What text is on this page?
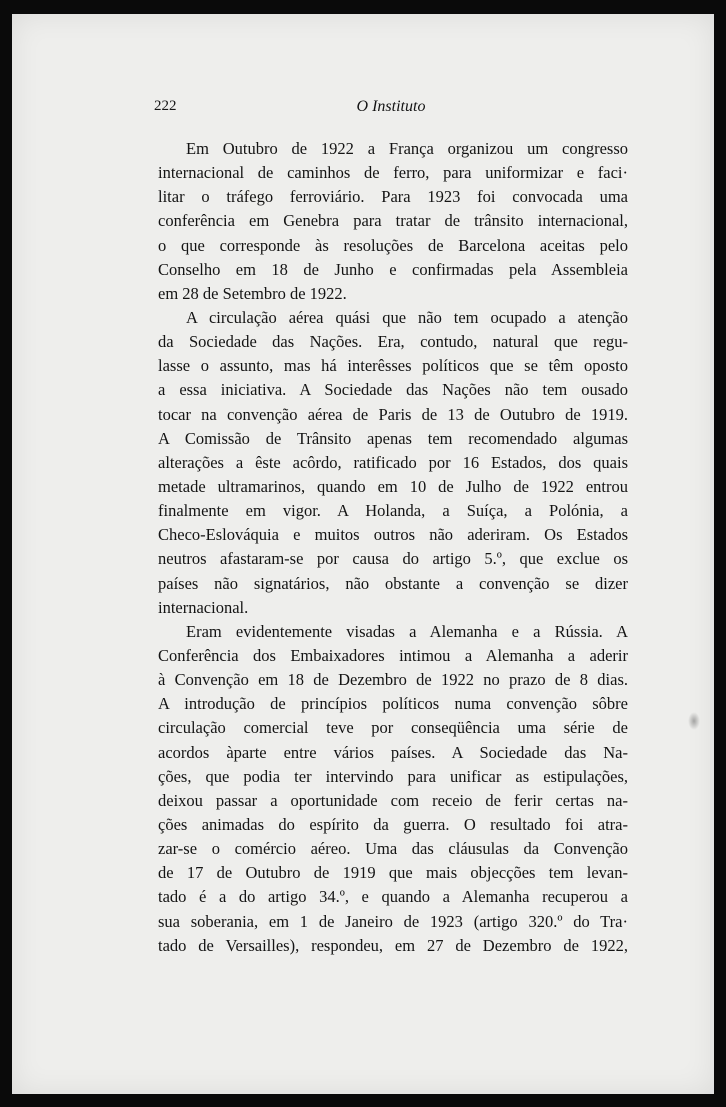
222	O Instituto
Em Outubro de 1922 a França organizou um congresso
internacional de caminhos de ferro, para uniformizar e faci·
litar o tráfego ferroviário. Para 1923 foi convocada uma
conferência em Genebra para tratar de trânsito internacional,
o que corresponde às resoluções de Barcelona aceitas pelo
Conselho em 18 de Junho e confirmadas pela Assembleia
em 28 de Setembro de 1922.
A circulação aérea quási que não tem ocupado a atenção
da Sociedade das Nações. Era, contudo, natural que regu-
lasse o assunto, mas há interêsses políticos que se têm oposto
a essa iniciativa. A Sociedade das Nações não tem ousado
tocar na convenção aérea de Paris de 13 de Outubro de 1919.
A Comissão de Trânsito apenas tem recomendado algumas
alterações a êste acôrdo, ratificado por 16 Estados, dos quais
metade ultramarinos, quando em 10 de Julho de 1922 entrou
finalmente em vigor. A Holanda, a Suíça, a Polónia, a
Checo-Eslováquia e muitos outros não aderiram. Os Estados
neutros afastaram-se por causa do artigo 5.º, que exclue os
países não signatários, não obstante a convenção se dizer
internacional.
Eram evidentemente visadas a Alemanha e a Rússia. A
Conferência dos Embaixadores intimou a Alemanha a aderir
à Convenção em 18 de Dezembro de 1922 no prazo de 8 dias.
A introdução de princípios políticos numa convenção sôbre
circulação comercial teve por conseqüência uma série de
acordos àparte entre vários países. A Sociedade das Na-
ções, que podia ter intervindo para unificar as estipulações,
deixou passar a oportunidade com receio de ferir certas na-
ções animadas do espírito da guerra. O resultado foi atra-
zar-se o comércio aéreo. Uma das cláusulas da Convenção
de 17 de Outubro de 1919 que mais objecções tem levan-
tado é a do artigo 34.º, e quando a Alemanha recuperou a
sua soberania, em 1 de Janeiro de 1923 (artigo 320.º do Tra·
tado de Versailles), respondeu, em 27 de Dezembro de 1922,
